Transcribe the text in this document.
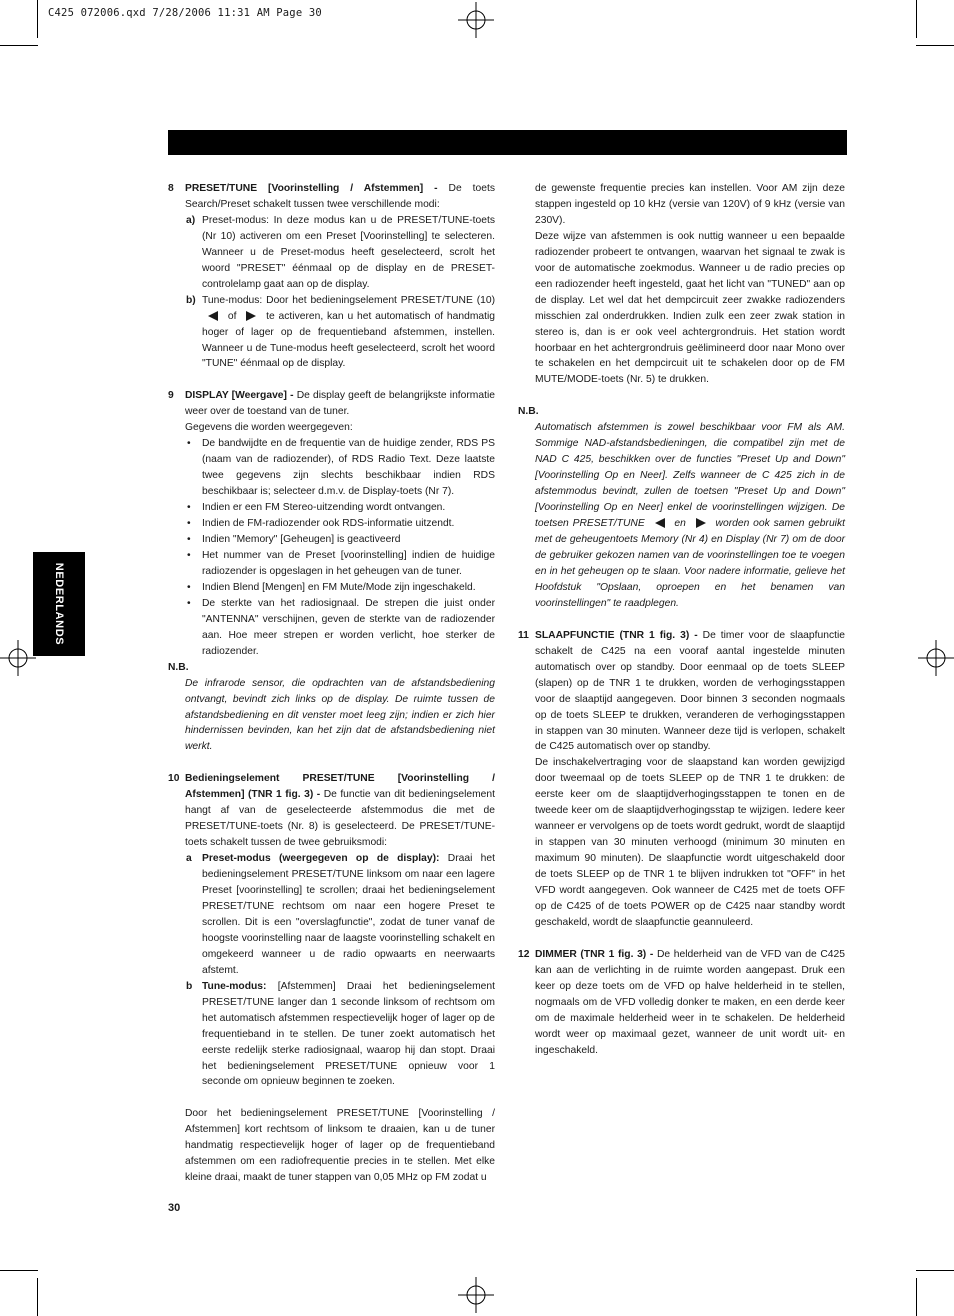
C425 072006.qxd 7/28/2006 11:31 AM Page 30
NEDERLANDS
8 PRESET/TUNE [Voorinstelling / Afstemmen] - De toets Search/Preset schakelt tussen twee verschillende modi:

a) Preset-modus: In deze modus kan u de PRESET/TUNE-toets (Nr 10) activeren om een Preset [Voorinstelling] te selecteren. Wanneer u de Preset-modus heeft geselecteerd, scrolt het woord "PRESET" éénmaal op de display en de PRESET-controlelamp gaat aan op de display.

b) Tune-modus: Door het bedieningselement PRESET/TUNE (10)  of	te activeren, kan u het automatisch of handmatig hoger of lager op de frequentieband afstemmen, instellen. Wanneer u de Tune-modus heeft geselecteerd, scrolt het woord "TUNE" éénmaal op de display.

9 DISPLAY [Weergave] - De display geeft de belangrijkste informatie weer over de toestand van de tuner.

Gegevens die worden weergegeven:

• De bandwijdte en de frequentie van de huidige zender, RDS PS (naam van de radiozender), of RDS Radio Text. Deze laatste twee gegevens zijn slechts beschikbaar indien RDS beschikbaar is; selecteer d.m.v. de Display-toets (Nr 7).

• Indien er een FM Stereo-uitzending wordt ontvangen.

• Indien de FM-radiozender ook RDS-informatie uitzendt.

• Indien "Memory" [Geheugen] is geactiveerd

• Het nummer van de Preset [voorinstelling] indien de huidige radiozender is opgeslagen in het geheugen van de tuner.

• Indien Blend [Mengen] en FM Mute/Mode zijn ingeschakeld.

• De sterkte van het radiosignaal. De strepen die juist onder "ANTENNA" verschijnen, geven de sterkte van de radiozender aan. Hoe meer strepen er worden verlicht, hoe sterker de radiozender.

N.B.

De infrarode sensor, die opdrachten van de afstandsbediening ontvangt, bevindt zich links op de display. De ruimte tussen de afstandsbediening en dit venster moet leeg zijn; indien er zich hier hindernissen bevinden, kan het zijn dat de afstandsbediening niet werkt.

10 Bedieningselement PRESET/TUNE [Voorinstelling / Afstemmen] (TNR 1 fig. 3) - De functie van dit bedieningselement hangt af van de geselecteerde afstemmodus die met de PRESET/TUNE-toets (Nr. 8) is geselecteerd. De PRESET/TUNE-toets schakelt tussen de twee gebruiksmodi:

a Preset-modus (weergegeven op de display): Draai het bedieningselement PRESET/TUNE linksom om naar een lagere Preset [voorinstelling] te scrollen; draai het bedieningselement PRESET/TUNE rechtsom om naar een hogere Preset te scrollen. Dit is een "overslagfunctie", zodat de tuner vanaf de hoogste voorinstelling naar de laagste voorinstelling schakelt en omgekeerd wanneer u de radio opwaarts en neerwaarts afstemt.

b Tune-modus: [Afstemmen] Draai het bedieningselement PRESET/TUNE langer dan 1 seconde linksom of rechtsom om het automatisch afstemmen respectievelijk hoger of lager op de frequentieband in te stellen. De tuner zoekt automatisch het eerste redelijk sterke radiosignaal, waarop hij dan stopt. Draai het bedieningselement PRESET/TUNE opnieuw voor 1 seconde om opnieuw beginnen te zoeken.

Door het bedieningselement PRESET/TUNE [Voorinstelling / Afstemmen] kort rechtsom of linksom te draaien, kan u de tuner handmatig respectievelijk hoger of lager op de frequentieband afstemmen om een radiofrequentie precies in te stellen. Met elke kleine draai, maakt de tuner stappen van 0,05 MHz op FM zodat u

de gewenste frequentie precies kan instellen. Voor AM zijn deze stappen ingesteld op 10 kHz (versie van 120V) of 9 kHz (versie van 230V).

Deze wijze van afstemmen is ook nuttig wanneer u een bepaalde radiozender probeert te ontvangen, waarvan het signaal te zwak is voor de automatische zoekmodus. Wanneer u de radio precies op een radiozender heeft ingesteld, gaat het licht van "TUNED" aan op de display. Let wel dat het dempcircuit zeer zwakke radiozenders misschien zal onderdrukken. Indien zulk een zeer zwak station in stereo is, dan is er ook veel achtergrondruis. Het station wordt hoorbaar en het achtergrondruis geëlimineerd door naar Mono over te schakelen en het dempcircuit uit te schakelen door op de FM MUTE/MODE-toets (Nr. 5) te drukken.

N.B.

Automatisch afstemmen is zowel beschikbaar voor FM als AM. Sommige NAD-afstandsbedieningen, die compatibel zijn met de NAD C 425, beschikken over de functies "Preset Up and Down" [Voorinstelling Op en Neer]. Zelfs wanneer de C 425 zich in de afstemmodus bevindt, zullen de toetsen "Preset Up and Down" [Voorinstelling Op en Neer] enkel de voorinstellingen wijzigen. De toetsen PRESET/TUNE	en	worden ook samen gebruikt met de geheugentoets Memory (Nr 4) en Display (Nr 7) om de door de gebruiker gekozen namen van de voorinstellingen toe te voegen en in het geheugen op te slaan. Voor nadere informatie, gelieve het Hoofdstuk "Opslaan, oproepen en het benamen van voorinstellingen" te raadplegen.

11 SLAAPFUNCTIE (TNR 1 fig. 3) - De timer voor de slaapfunctie schakelt de C425 na een vooraf aantal ingestelde minuten automatisch over op standby. Door eenmaal op de toets SLEEP (slapen) op de TNR 1 te drukken, worden de verhogingsstappen voor de slaaptijd aangegeven. Door binnen 3 seconden nogmaals op de toets SLEEP te drukken, veranderen de verhogingsstappen in stappen van 30 minuten. Wanneer deze tijd is verlopen, schakelt de C425 automatisch over op standby.

De inschakelvertraging voor de slaapstand kan worden gewijzigd door tweemaal op de toets SLEEP op de TNR 1 te drukken: de eerste keer om de slaaptijdverhogingsstappen te tonen en de tweede keer om de slaaptijdverhogingsstap te wijzigen. Iedere keer wanneer er vervolgens op de toets wordt gedrukt, wordt de slaaptijd in stappen van 30 minuten verhoogd (minimum 30 minuten en maximum 90 minuten). De slaapfunctie wordt uitgeschakeld door de toets SLEEP op de TNR 1 te blijven indrukken tot "OFF" in het VFD wordt aangegeven. Ook wanneer de C425 met de toets OFF op de C425 of de toets POWER op de C425 naar standby wordt geschakeld, wordt de slaapfunctie geannuleerd.

12 DIMMER (TNR 1 fig. 3) - De helderheid van de VFD van de C425 kan aan de verlichting in de ruimte worden aangepast. Druk een keer op deze toets om de VFD op halve helderheid in te stellen, nogmaals om de VFD volledig donker te maken, en een derde keer om de maximale helderheid weer in te schakelen. De helderheid wordt weer op maximaal gezet, wanneer de unit wordt uit- en ingeschakeld.

30
